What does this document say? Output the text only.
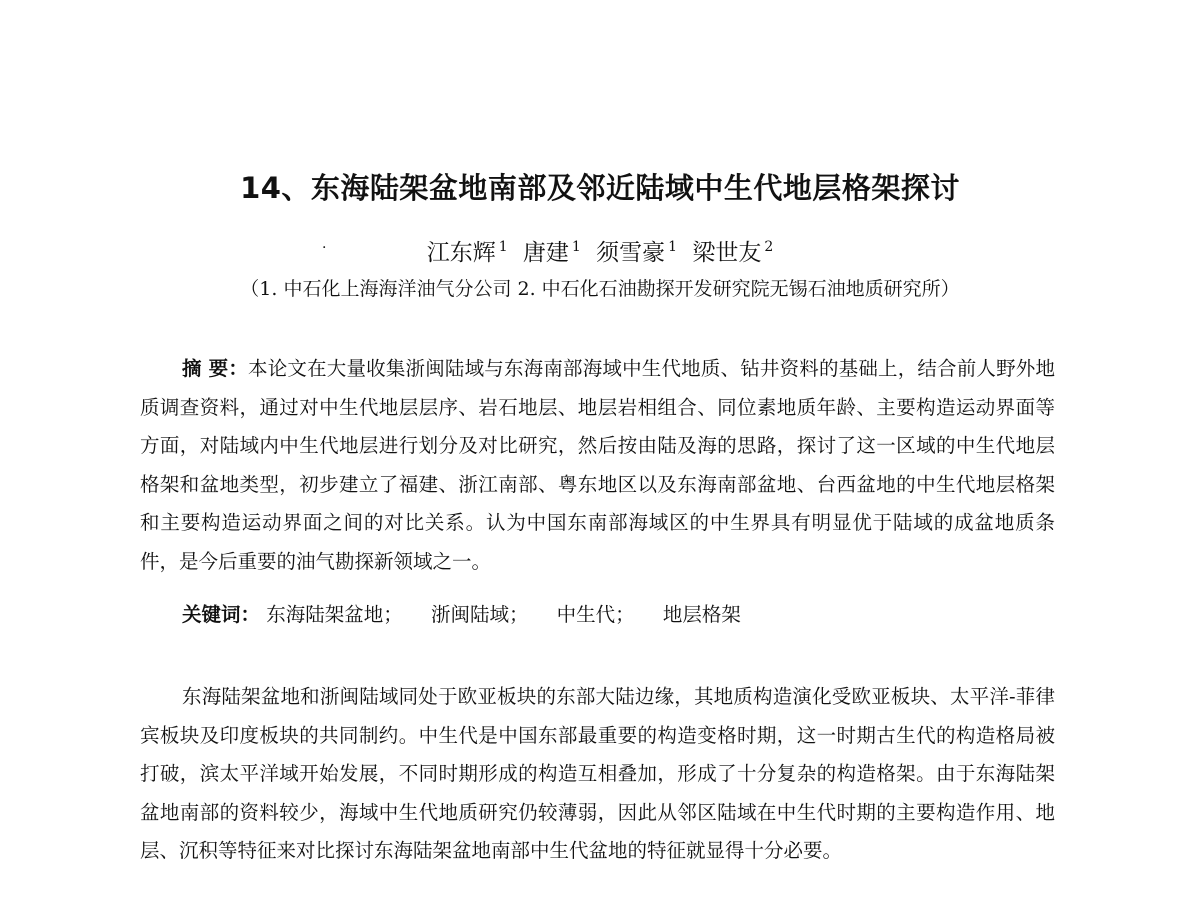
14、东海陆架盆地南部及邻近陆域中生代地层格架探讨
·	江东辉 $^1$ 唐建 $^1$ 须雪豪 $^1$ 梁世友 $^2$
（1. 中石化上海海洋油气分公司 2. 中石化石油勘探开发研究院无锡石油地质研究所）
摘 要：本论文在大量收集浙闽陆域与东海南部海域中生代地质、钻井资料的基础上，结合前人野外地质调查资料，通过对中生代地层层序、岩石地层、地层岩相组合、同位素地质年龄、主要构造运动界面等方面，对陆域内中生代地层进行划分及对比研究，然后按由陆及海的思路，探讨了这一区域的中生代地层格架和盆地类型，初步建立了福建、浙江南部、粤东地区以及东海南部盆地、台西盆地的中生代地层格架和主要构造运动界面之间的对比关系。认为中国东南部海域区的中生界具有明显优于陆域的成盆地质条件，是今后重要的油气勘探新领域之一。
关键词： 东海陆架盆地； 浙闽陆域； 中生代； 地层格架
东海陆架盆地和浙闽陆域同处于欧亚板块的东部大陆边缘，其地质构造演化受欧亚板块、太平洋-菲律宾板块及印度板块的共同制约。中生代是中国东部最重要的构造变格时期，这一时期古生代的构造格局被打破，滨太平洋域开始发展，不同时期形成的构造互相叠加，形成了十分复杂的构造格架。由于东海陆架盆地南部的资料较少，海域中生代地质研究仍较薄弱，因此从邻区陆域在中生代时期的主要构造作用、地层、沉积等特征来对比探讨东海陆架盆地南部中生代盆地的特征就显得十分必要。
